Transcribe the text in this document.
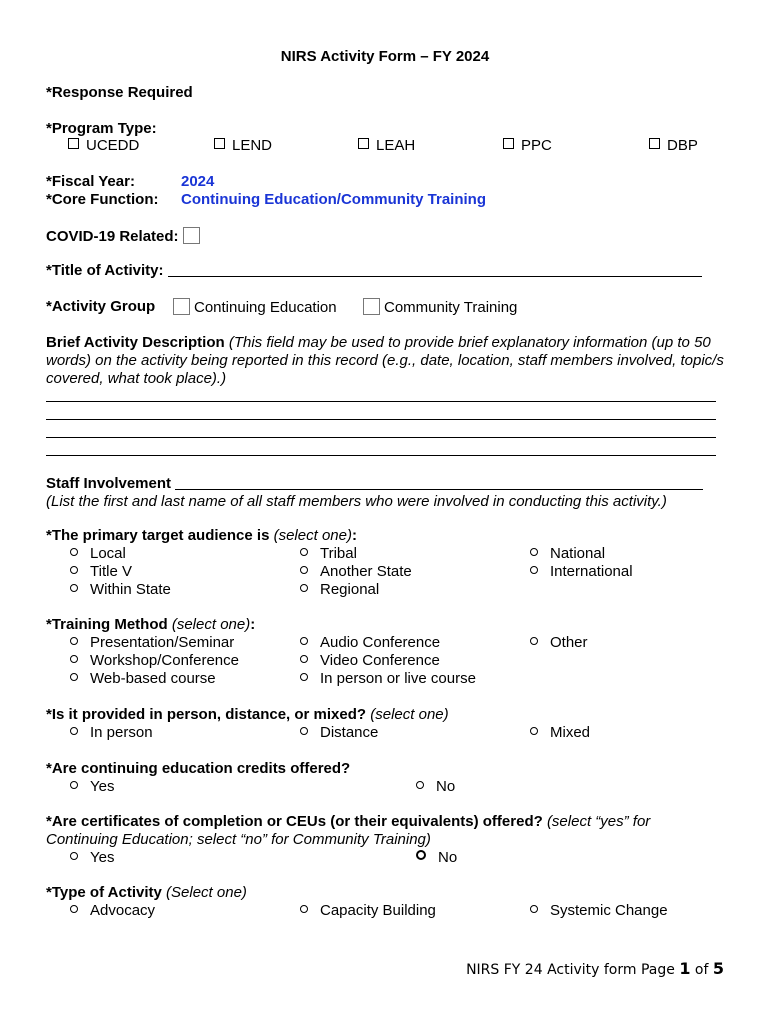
NIRS Activity Form – FY 2024
*Response Required
*Program Type:
UCEDD	LEND	LEAH	PPC	DBP
*Fiscal Year:	2024
*Core Function: Continuing Education/Community Training
COVID-19 Related:
*Title of Activity:
*Activity Group	Continuing Education	Community Training
Brief Activity Description (This field may be used to provide brief explanatory information (up to 50 words) on the activity being reported in this record (e.g., date, location, staff members involved, topic/s covered, what took place).)
Staff Involvement
(List the first and last name of all staff members who were involved in conducting this activity.)
*The primary target audience is (select one):
Local
Title V
Within State
Tribal
Another State
Regional
National
International
*Training Method (select one):
Presentation/Seminar
Workshop/Conference
Web-based course
Audio Conference
Video Conference
In person or live course
Other
*Is it provided in person, distance, or mixed? (select one)
In person	Distance	Mixed
*Are continuing education credits offered?
Yes	No
*Are certificates of completion or CEUs (or their equivalents) offered? (select “yes” for Continuing Education; select “no” for Community Training)
Yes	No
*Type of Activity (Select one)
Advocacy	Capacity Building	Systemic Change
NIRS FY 24 Activity form Page 1 of 5
